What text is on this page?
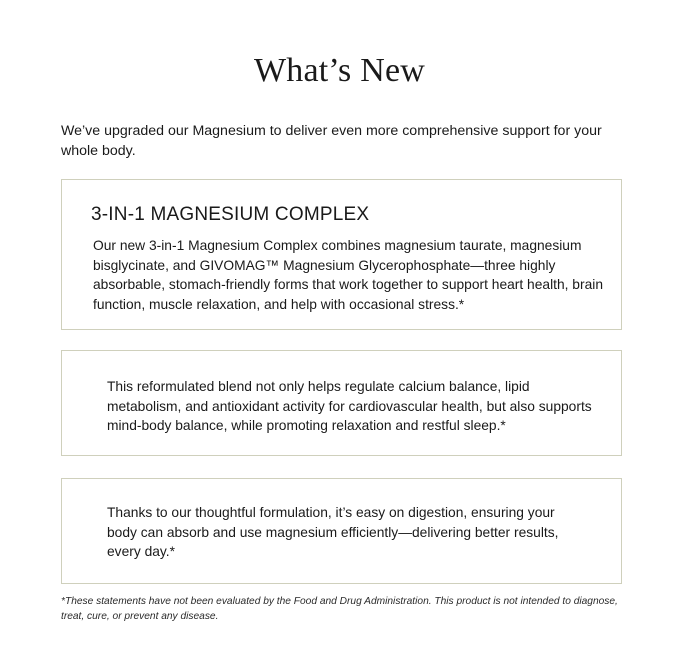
What’s New

We’ve upgraded our Magnesium to deliver even more comprehensive support for your whole body.

3-IN-1 MAGNESIUM COMPLEX

Our new 3-in-1 Magnesium Complex combines magnesium taurate, magnesium bisglycinate, and GIVOMAG™ Magnesium Glycerophosphate—three highly absorbable, stomach-friendly forms that work together to support heart health, brain function, muscle relaxation, and help with occasional stress.*

This reformulated blend not only helps regulate calcium balance, lipid metabolism, and antioxidant activity for cardiovascular health, but also supports mind-body balance, while promoting relaxation and restful sleep.*

Thanks to our thoughtful formulation, it’s easy on digestion, ensuring your body can absorb and use magnesium efficiently—delivering better results, every day.*

*These statements have not been evaluated by the Food and Drug Administration. This product is not intended to diagnose, treat, cure, or prevent any disease.
